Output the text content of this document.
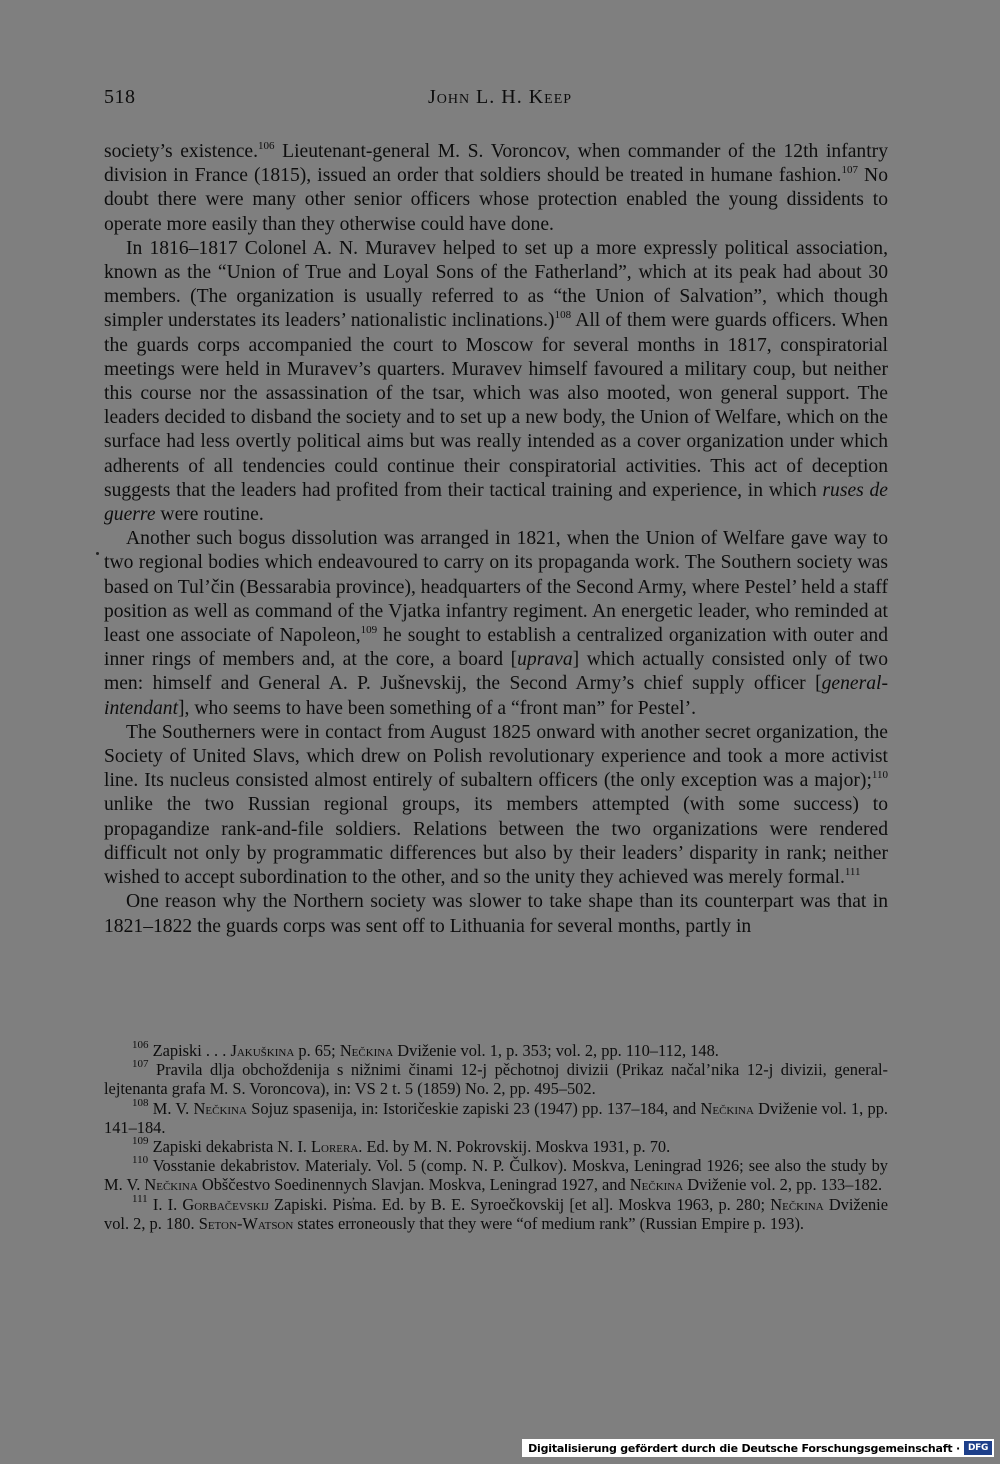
518	John L. H. Keep

society’s existence.$^{106}$ Lieutenant-general M. S. Voroncov, when commander of the 12th infantry division in France (1815), issued an order that soldiers should be treated in humane fashion.$^{107}$ No doubt there were many other senior officers whose protection enabled the young dissidents to operate more easily than they otherwise could have done.

In 1816–1817 Colonel A. N. Muravev helped to set up a more expressly political association, known as the “Union of True and Loyal Sons of the Fatherland”, which at its peak had about 30 members. (The organization is usually referred to as “the Union of Salvation”, which though simpler understates its leaders’ nationalistic inclinations.)$^{108}$ All of them were guards officers. When the guards corps accompanied the court to Moscow for several months in 1817, conspiratorial meetings were held in Muravev’s quarters. Muravev himself favoured a military coup, but neither this course nor the assassination of the tsar, which was also mooted, won general support. The leaders decided to disband the society and to set up a new body, the Union of Welfare, which on the surface had less overtly political aims but was really intended as a cover organization under which adherents of all tendencies could continue their conspiratorial activities. This act of deception suggests that the leaders had profited from their tactical training and experience, in which ruses de guerre were routine.

Another such bogus dissolution was arranged in 1821, when the Union of Welfare gave way to two regional bodies which endeavoured to carry on its propaganda work. The Southern society was based on Tul’čin (Bessarabia province), headquarters of the Second Army, where Pestel’ held a staff position as well as command of the Vjatka infantry regiment. An energetic leader, who reminded at least one associate of Napoleon,$^{109}$ he sought to establish a centralized organization with outer and inner rings of members and, at the core, a board [uprava] which actually consisted only of two men: himself and General A. P. Jušnevskij, the Second Army’s chief supply officer [general-intendant], who seems to have been something of a “front man” for Pestel’.

The Southerners were in contact from August 1825 onward with another secret organization, the Society of United Slavs, which drew on Polish revolutionary experience and took a more activist line. Its nucleus consisted almost entirely of subaltern officers (the only exception was a major);$^{110}$ unlike the two Russian regional groups, its members attempted (with some success) to propagandize rank-and-file soldiers. Relations between the two organizations were rendered difficult not only by programmatic differences but also by their leaders’ disparity in rank; neither wished to accept subordination to the other, and so the unity they achieved was merely formal.$^{111}$

One reason why the Northern society was slower to take shape than its counterpart was that in 1821–1822 the guards corps was sent off to Lithuania for several months, partly in

$^{106}$ Zapiski . . . Jakuškina p. 65; Nečkina Dviženie vol. 1, p. 353; vol. 2, pp. 110–112, 148.

$^{107}$ Pravila dlja obchoždenija s nižnimi činami 12-j pěchotnoj divizii (Prikaz načal’nika 12-j divizii, general-lejtenanta grafa M. S. Voroncova), in: VS 2 t. 5 (1859) No. 2, pp. 495–502.

$^{108}$ M. V. Nečkina Sojuz spasenija, in: Istoričeskie zapiski 23 (1947) pp. 137–184, and Nečkina Dviženie vol. 1, pp. 141–184.

$^{109}$ Zapiski dekabrista N. I. Lorera. Ed. by M. N. Pokrovskij. Moskva 1931, p. 70.

$^{110}$ Vosstanie dekabristov. Materialy. Vol. 5 (comp. N. P. Čulkov). Moskva, Leningrad 1926; see also the study by M. V. Nečkina Obščestvo Soedinennych Slavjan. Moskva, Leningrad 1927, and Nečkina Dviženie vol. 2, pp. 133–182.

$^{111}$ I. I. Gorbačevskij Zapiski. Pis̕ma. Ed. by B. E. Syroečkovskij [et al]. Moskva 1963, p. 280; Nečkina Dviženie vol. 2, p. 180. Seton-Watson states erroneously that they were “of medium rank” (Russian Empire p. 193).

Digitalisierung gefördert durch die Deutsche Forschungsgemeinschaft · DFG
